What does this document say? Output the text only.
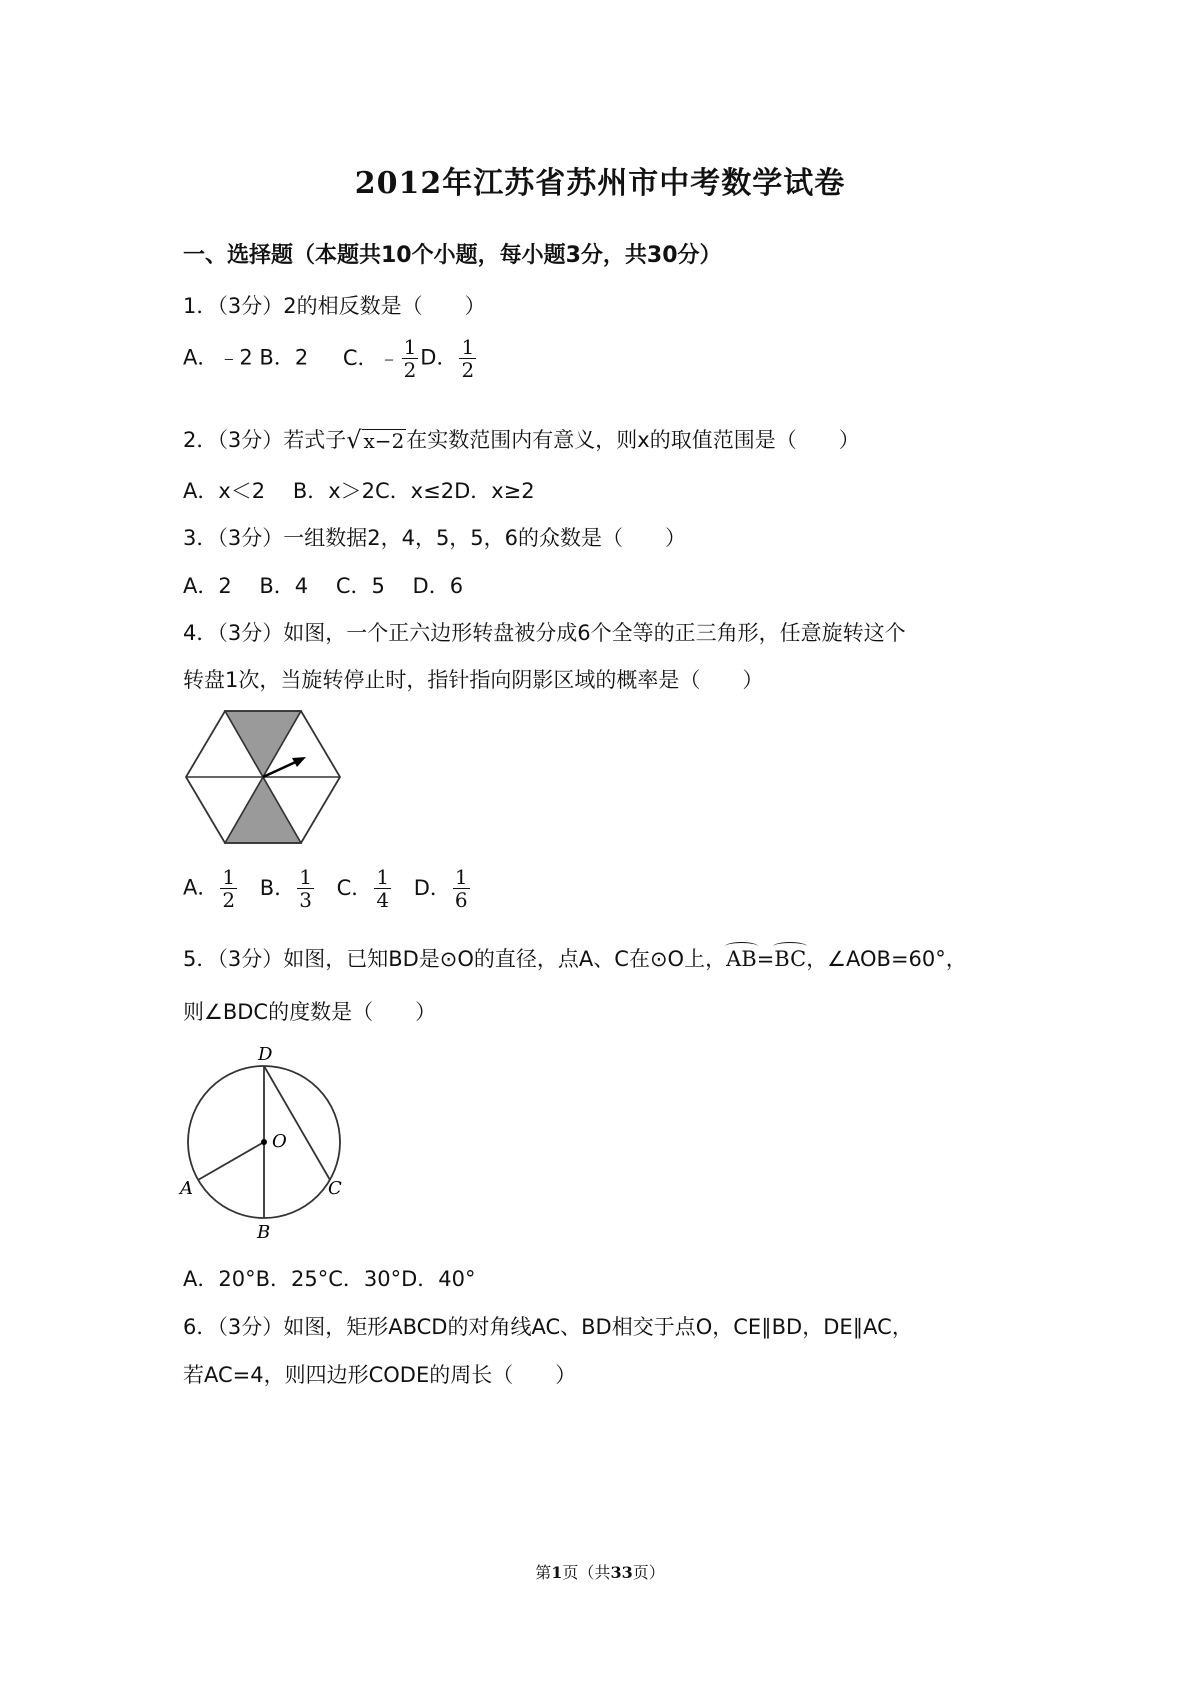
2012年江苏省苏州市中考数学试卷
一、选择题（本题共10个小题，每小题3分，共30分）
1．（3分）2的相反数是（　　）
A．﹣2 B．2 C．﹣ $\frac{1}{2}$ D． $\frac{1}{2}$
2．（3分）若式子√ x−2在实数范围内有意义，则x的取值范围是（　　）
A．x＜2　 B．x＞2C．x≤2D．x≥2
3．（3分）一组数据2，4，5，5，6的众数是（　　）
A．2　 B．4　 C．5　 D．6
4．（3分）如图，一个正六边形转盘被分成6个全等的正三角形，任意旋转这个
转盘1次，当旋转停止时，指针指向阴影区域的概率是（　　）
A． $\frac{1}{2}$ B． $\frac{1}{3}$ C． $\frac{1}{4}$ D． $\frac{1}{6}$
5．（3分）如图，已知BD是⊙O的直径，点A、C在⊙O上，AB=BC，∠AOB=60°，
则∠BDC的度数是（　　）
D
O
A	C
B
A．20°B．25°C．30°D．40°
6．（3分）如图，矩形ABCD的对角线AC、BD相交于点O，CE∥BD，DE∥AC，
若AC=4，则四边形CODE的周长（　　）
第1页（共33页）
